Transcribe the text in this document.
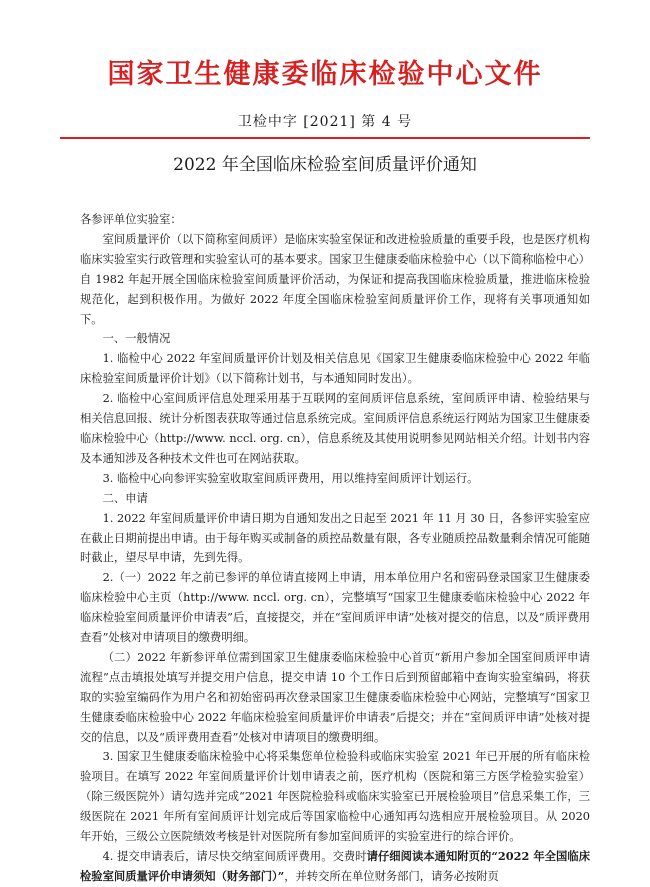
国家卫生健康委临床检验中心文件
卫检中字 [2021] 第 4 号
2022 年全国临床检验室间质量评价通知

各参评单位实验室：

室间质量评价（以下简称室间质评）是临床实验室保证和改进检验质量的重要手段，也是医疗机构临床实验室实行政管理和实验室认可的基本要求。国家卫生健康委临床检验中心（以下简称临检中心）自 1982 年起开展全国临床检验室间质量评价活动，为保证和提高我国临床检验质量，推进临床检验规范化，起到积极作用。为做好 2022 年度全国临床检验室间质量评价工作，现将有关事项通知如下。

一、一般情况

1. 临检中心 2022 年室间质量评价计划及相关信息见《国家卫生健康委临床检验中心 2022 年临床检验室间质量评价计划》（以下简称计划书，与本通知同时发出）。

2. 临检中心室间质评信息处理采用基于互联网的室间质评信息系统，室间质评申请、检验结果与相关信息回报、统计分析图表获取等通过信息系统完成。室间质评信息系统运行网站为国家卫生健康委临床检验中心（http://www. nccl. org. cn），信息系统及其使用说明参见网站相关介绍。计划书内容及本通知涉及各种技术文件也可在网站获取。

3. 临检中心向参评实验室收取室间质评费用，用以维持室间质评计划运行。

二、申请

1. 2022 年室间质量评价申请日期为自通知发出之日起至 2021 年 11 月 30 日，各参评实验室应在截止日期前提出申请。由于每年购买或制备的质控品数量有限，各专业随质控品数量剩余情况可能随时截止，望尽早申请，先到先得。

2.（一）2022 年之前已参评的单位请直接网上申请，用本单位用户名和密码登录国家卫生健康委临床检验中心主页（http://www. nccl. org. cn），完整填写“国家卫生健康委临床检验中心 2022 年临床检验室间质量评价申请表”后，直接提交，并在“室间质评申请”处核对提交的信息，以及“质评费用查看”处核对申请项目的缴费明细。

（二）2022 年新参评单位需到国家卫生健康委临床检验中心首页“新用户参加全国室间质评申请流程”点击填报处填写并提交用户信息，提交申请 10 个工作日后到预留邮箱中查询实验室编码，将获取的实验室编码作为用户名和初始密码再次登录国家卫生健康委临床检验中心网站，完整填写“国家卫生健康委临床检验中心 2022 年临床检验室间质量评价申请表”后提交；并在“室间质评申请”处核对提交的信息，以及“质评费用查看”处核对申请项目的缴费明细。

3. 国家卫生健康委临床检验中心将采集您单位检验科或临床实验室 2021 年已开展的所有临床检验项目。在填写 2022 年室间质量评价计划申请表之前，医疗机构（医院和第三方医学检验实验室）（除三级医院外）请勾选并完成“2021 年医院检验科或临床实验室已开展检验项目”信息采集工作，三级医院在 2021 年所有室间质评计划完成后等国家临检中心通知再勾选相应开展检验项目。从 2020 年开始，三级公立医院绩效考核是针对医院所有参加室间质评的实验室进行的综合评价。

4. 提交申请表后，请尽快交纳室间质评费用。交费时请仔细阅读本通知附页的“2022 年全国临床检验室间质量评价申请须知（财务部门）”，并转交所在单位财务部门，请务必按附页
